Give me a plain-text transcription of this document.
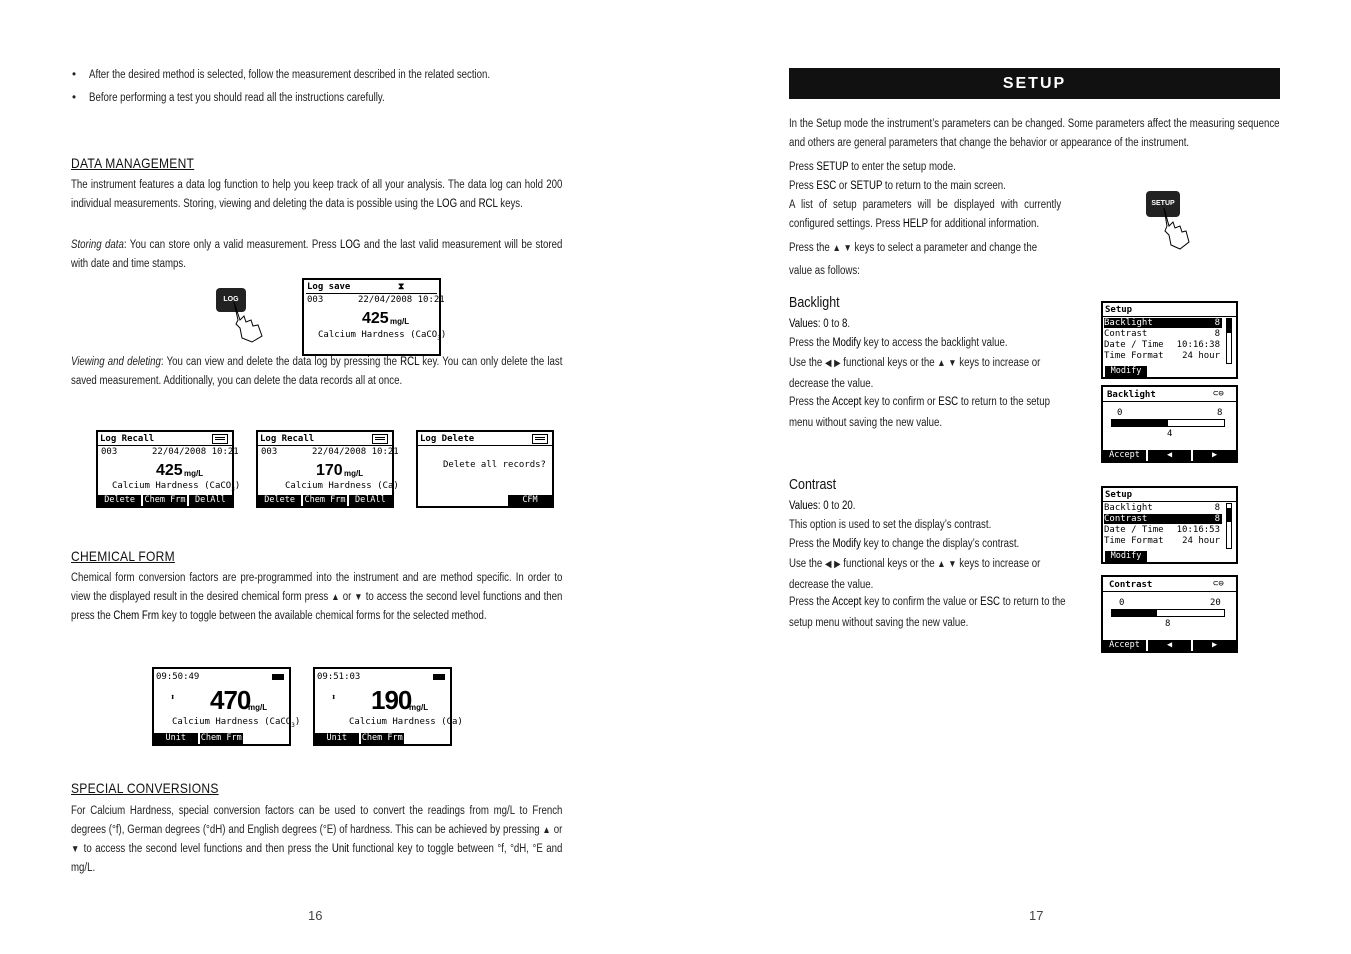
• After the desired method is selected, follow the measurement described in the related section.
• Before performing a test you should read all the instructions carefully.
DATA MANAGEMENT
The instrument features a data log function to help you keep track of all your analysis. The data log can hold 200 individual measurements. Storing, viewing and deleting the data is possible using the LOG and RCL keys.
Storing data: You can store only a valid measurement. Press LOG and the last valid measurement will be stored with date and time stamps.
LOG
Log save	⧗
003	22/04/2008 10:21
425 mg/L
Calcium Hardness (CaCO$_3$)
Viewing and deleting: You can view and delete the data log by pressing the RCL key. You can only delete the last saved measurement. Additionally, you can delete the data records all at once.
Log Recall
003	22/04/2008 10:21
425 mg/L
Calcium Hardness (CaCO$_3$)
Delete	Chem Frm	DelAll
Log Recall
003	22/04/2008 10:21
170 mg/L
Calcium Hardness (Ca)
Delete	Chem Frm	DelAll
Log Delete
Delete all records?
CFM
CHEMICAL FORM
Chemical form conversion factors are pre-programmed into the instrument and are method specific. In order to view the displayed result in the desired chemical form press ▲ or ▼ to access the second level functions and then press the Chem Frm key to toggle between the available chemical forms for the selected method.
09:50:49
⬍ 470
mg/L
Calcium Hardness (CaCO$_3$)
Unit	Chem Frm
09:51:03
⬍ 190
mg/L
Calcium Hardness (Ca)
Unit	Chem Frm
SPECIAL CONVERSIONS
For Calcium Hardness, special conversion factors can be used to convert the readings from mg/L to French degrees (°f), German degrees (°dH) and English degrees (°E) of hardness. This can be achieved by pressing ▲ or ▼ to access the second level functions and then press the Unit functional key to toggle between °f, °dH, °E and mg/L.
16
SETUP
In the Setup mode the instrument’s parameters can be changed. Some parameters affect the measuring sequence and others are general parameters that change the behavior or appearance of the instrument.
Press SETUP to enter the setup mode.
Press ESC or SETUP to return to the main screen.
A list of setup parameters will be displayed with currently configured settings. Press HELP for additional information.
Press the ▲ ▼ keys to select a parameter and change the value as follows:
SETUP
Backlight
Values: 0 to 8.
Press the Modify key to access the backlight value.
Use the ◀ ▶ functional keys or the ▲ ▼ keys to increase or decrease the value.
Press the Accept key to confirm or ESC to return to the setup menu without saving the new value.
Setup
Backlight	8
Contrast	8
Date / Time 10:16:38
Time Format 24 hour
Modify
Backlight	⊂⊖
0	8
4
Accept	◀	▶
Contrast
Values: 0 to 20.
This option is used to set the display’s contrast.
Press the Modify key to change the display’s contrast.
Use the ◀ ▶ functional keys or the ▲ ▼ keys to increase or decrease the value.
Press the Accept key to confirm the value or ESC to return to the setup menu without saving the new value.
Setup
Backlight	8
Contrast	8
Date / Time 10:16:53
Time Format 24 hour
Modify
Contrast	⊂⊖
0	20
8
Accept	◀	▶
17
